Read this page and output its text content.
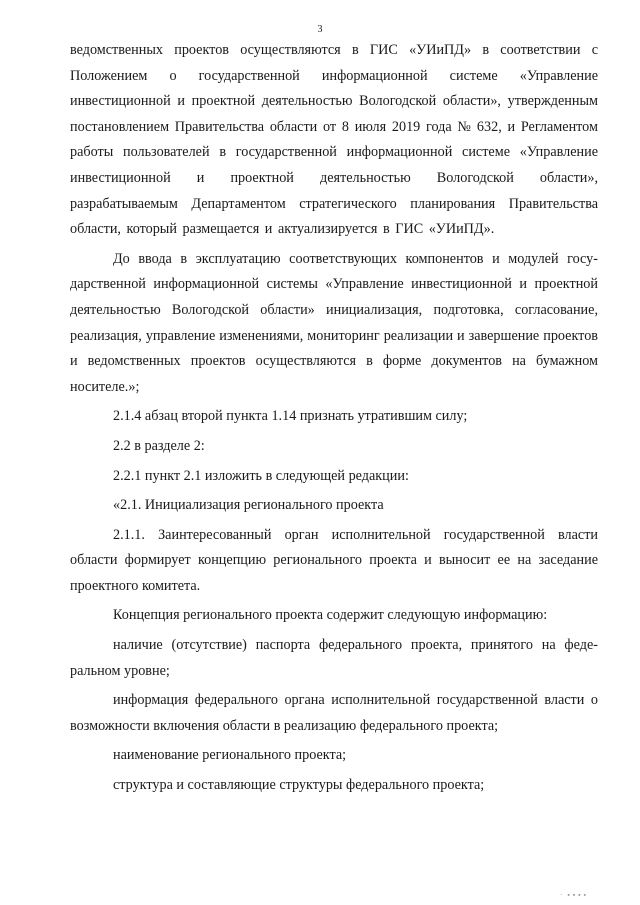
3

ведомственных проектов осуществляются в ГИС «УИиПД» в соответствии с Положением о государственной информационной системе «Управление инвестиционной и проектной деятельностью Вологодской области», утвержденным постановлением Правительства области от 8 июля 2019 года № 632, и Регламентом работы пользователей в государственной информационной системе «Управление инвестиционной и проектной деятельностью Вологодской области», разрабатываемым Департаментом стратегического планирования Правительства области, который размещается и актуализируется в ГИС «УИиПД».

До ввода в эксплуатацию соответствующих компонентов и модулей государственной информационной системы «Управление инвестиционной и проектной деятельностью Вологодской области» инициализация, подготовка, согласование, реализация, управление изменениями, мониторинг реализации и завершение проектов и ведомственных проектов осуществляются в форме документов на бумажном носителе.»;

2.1.4 абзац второй пункта 1.14 признать утратившим силу;

2.2 в разделе 2:

2.2.1 пункт 2.1 изложить в следующей редакции:

«2.1. Инициализация регионального проекта

2.1.1. Заинтересованный орган исполнительной государственной власти области формирует концепцию регионального проекта и выносит ее на заседание проектного комитета.

Концепция регионального проекта содержит следующую информацию:

наличие (отсутствие) паспорта федерального проекта, принятого на федеральном уровне;

информация федерального органа исполнительной государственной власти о возможности включения области в реализацию федерального проекта;

наименование регионального проекта;

структура и составляющие структуры федерального проекта;

· ∙∙∙∙
